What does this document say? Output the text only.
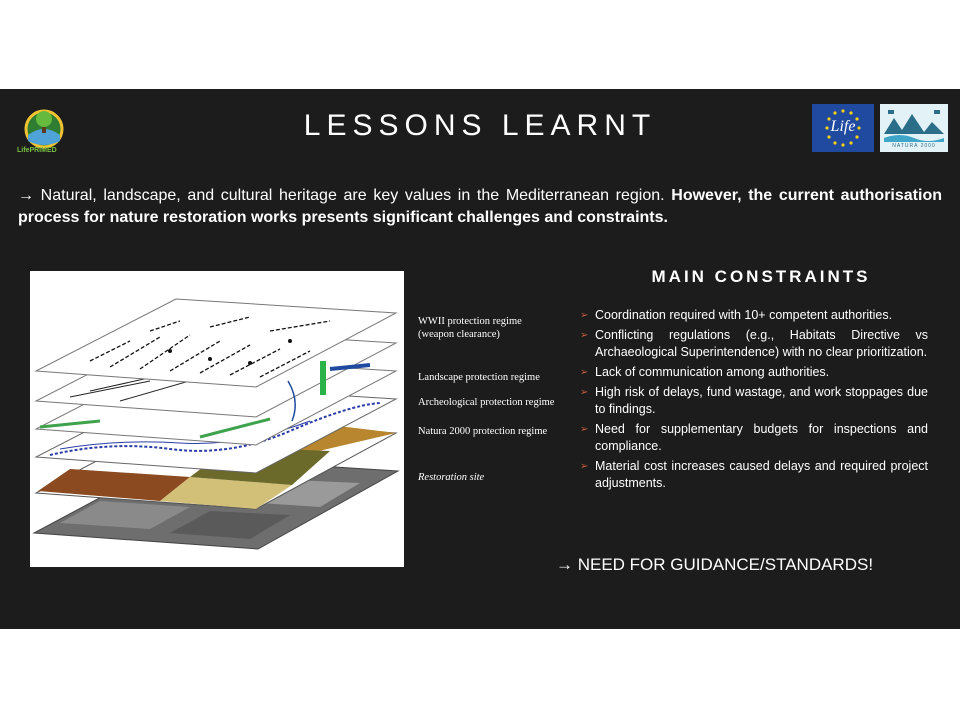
LifePRIMED
LESSONS LEARNT	Life
NATURA 2000

→ Natural, landscape, and cultural heritage are key values in the Mediterranean region. However, the current authorisation process for nature restoration works presents significant challenges and constraints.

WWII protection regime (weapon clearance)
Landscape protection regime
Archeological protection regime
Natura 2000 protection regime
Restoration site
MAIN CONSTRAINTS
➢ Coordination required with 10+ competent authorities.
➢ Conflicting regulations (e.g., Habitats Directive vs Archaeological Superintendence) with no clear prioritization.
➢ Lack of communication among authorities.
➢ High risk of delays, fund wastage, and work stoppages due to findings.
➢ Need for supplementary budgets for inspections and compliance.
➢ Material cost increases caused delays and required project adjustments.

→ NEED FOR GUIDANCE/STANDARDS!
